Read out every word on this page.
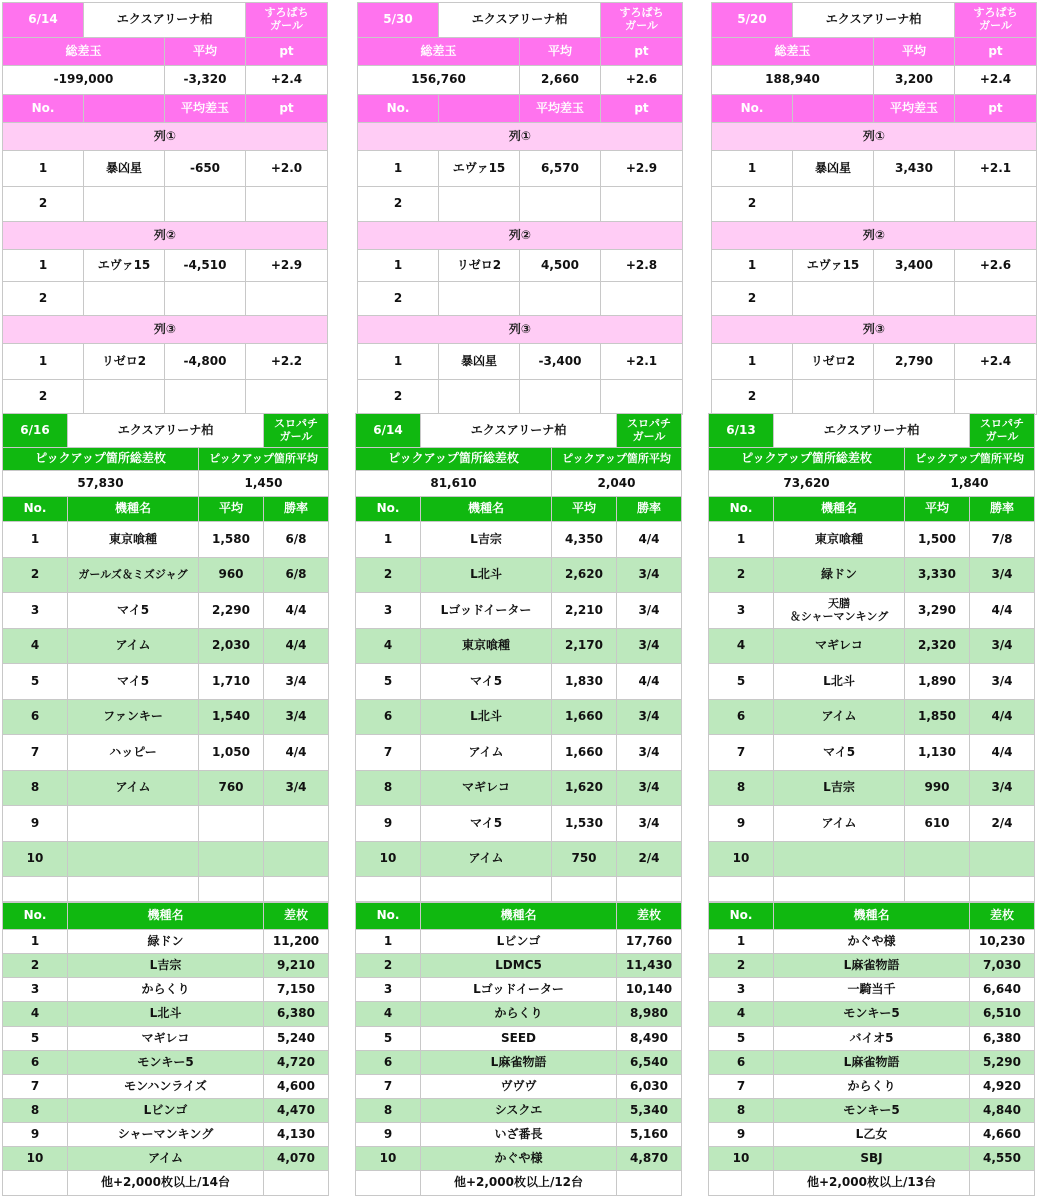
6/14	エクスアリーナ柏		すろぱち
ガール
総差玉		平均	pt
-199,000		-3,320	+2.4
No.		平均差玉	pt
列①			
1	暴凶星	-650	+2.0
2			
列②			
1	エヴァ15	-4,510	+2.9
2			
列③			
1	リゼロ2	-4,800	+2.2
2			
5/30	エクスアリーナ柏		すろぱち
ガール
総差玉		平均	pt
156,760		2,660	+2.6
No.		平均差玉	pt
列①			
1	エヴァ15	6,570	+2.9
2			
列②			
1	リゼロ2	4,500	+2.8
2			
列③			
1	暴凶星	-3,400	+2.1
2			
5/20	エクスアリーナ柏		すろぱち
ガール
総差玉		平均	pt
188,940		3,200	+2.4
No.		平均差玉	pt
列①			
1	暴凶星	3,430	+2.1
2			
列②			
1	エヴァ15	3,400	+2.6
2			
列③			
1	リゼロ2	2,790	+2.4
2			
6/16	エクスアリーナ柏		スロパチ
ガール
ピックアップ箇所総差枚		ピックアップ箇所平均	
57,830		1,450	
No.	機種名	平均	勝率
1	東京喰種	1,580	6/8
2	ガールズ＆ミズジャグ	960	6/8
3	マイ5	2,290	4/4
4	アイム	2,030	4/4
5	マイ5	1,710	3/4
6	ファンキー	1,540	3/4
7	ハッピー	1,050	4/4
8	アイム	760	3/4
9			
10			

No.	機種名	差枚
1	緑ドン	11,200
2	L吉宗	9,210
3	からくり	7,150
4	L北斗	6,380
5	マギレコ	5,240
6	モンキー5	4,720
7	モンハンライズ	4,600
8	Lビンゴ	4,470
9	シャーマンキング	4,130
10	アイム	4,070
	他+2,000枚以上/14台	
6/14	エクスアリーナ柏		スロパチ
ガール
ピックアップ箇所総差枚		ピックアップ箇所平均	
81,610		2,040	
No.	機種名	平均	勝率
1	L吉宗	4,350	4/4
2	L北斗	2,620	3/4
3	Lゴッドイーター	2,210	3/4
4	東京喰種	2,170	3/4
5	マイ5	1,830	4/4
6	L北斗	1,660	3/4
7	アイム	1,660	3/4
8	マギレコ	1,620	3/4
9	マイ5	1,530	3/4
10	アイム	750	2/4

No.	機種名	差枚
1	Lビンゴ	17,760
2	LDMC5	11,430
3	Lゴッドイーター	10,140
4	からくり	8,980
5	SEED	8,490
6	L麻雀物語	6,540
7	ヴヴヴ	6,030
8	シスクエ	5,340
9	いざ番長	5,160
10	かぐや様	4,870
	他+2,000枚以上/12台	
6/13	エクスアリーナ柏		スロパチ
ガール
ピックアップ箇所総差枚		ピックアップ箇所平均	
73,620		1,840	
No.	機種名	平均	勝率
1	東京喰種	1,500	7/8
2	緑ドン	3,330	3/4
3	天膳
＆シャーマンキング	3,290	4/4
4	マギレコ	2,320	3/4
5	L北斗	1,890	3/4
6	アイム	1,850	4/4
7	マイ5	1,130	4/4
8	L吉宗	990	3/4
9	アイム	610	2/4
10			

No.	機種名	差枚
1	かぐや様	10,230
2	L麻雀物語	7,030
3	一騎当千	6,640
4	モンキー5	6,510
5	バイオ5	6,380
6	L麻雀物語	5,290
7	からくり	4,920
8	モンキー5	4,840
9	L乙女	4,660
10	SBJ	4,550
	他+2,000枚以上/13台	
